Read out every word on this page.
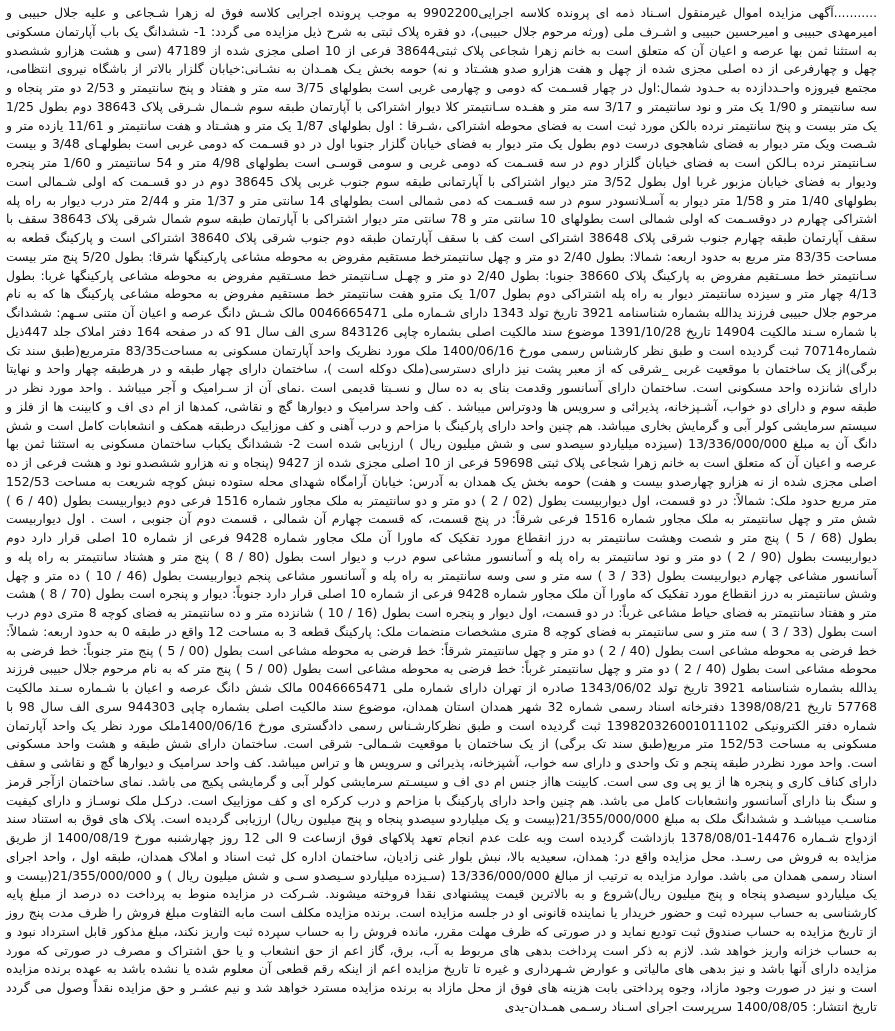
...........آگهی مزایده اموال غیرمنقول اسـناد ذمه ای پرونده کلاسه اجرایی9902200 به موجب پرونده اجرایی کلاسه فوق له زهرا شـجاعی و علیه جلال حبیبی و امیرمهدی حبیبی و امیرحسین حبیبی و اشـرف ملی (ورثه مرحوم جلال حبیبی)، دو فقره پلاک ثبتی به شرح ذیل مزایده می گردد: 1- ششدانگ یک باب آپارتمان مسکونی به استثنا ثمن بها عرصه و اعیان آن که متعلق است به خانم زهرا شجاعی پلاک ثبتی38644 فرعی از 10 اصلی مجزی شده از 47189 (سی و هشت هزارو ششصدو چهل و چهارفرعی از ده اصلی مجزی شده از چهل و هفت هزارو صدو هشـتاد و نه) حومه بخش یـک همـدان به نشـانی:خیابان گلزار بالاتر از باشگاه نیروی انتظامی، مجتمع فیروزه واحـددازده به حـدود شمال:اول در چهار قسـمت که دومی و چهارمی غربی است بطولهای 3/75 سه متر و هفتاد و پنج سانتیمتر و 2/53 دو متر پنجاه و سه سانتیمتر و 1/90 یک متر و نود سانتیمتر و 3/17 سه متر و هفـده سـانتیمتر کلا دیوار اشتراکی با آپارتمان طبقه سوم شـمال شـرقی پلاک 38643 دوم بطول 1/25 یک متر بیست و پنج سانتیمتر نرده بالکن مورد ثبت است به فضای محوطه اشتراکی ،شـرقا : اول بطولهای 1/87 یک متر و هشـتاد و هفت سانتیمتر و 11/61 یازده متر و شـصت ویک متر دیوار به فضای شاهجوی درست دوم بطول یک متر دیوار به فضای خیابان گلزار جنوبا اول در دو قسـمت که دومی غربی است بطولهـای 3/48 و بیست سـانتیمتر نرده بـالکن است به فضای خیابان گلزار دوم در سه قسـمت که دومی غربی و سومی قوسـی است بطولهای 4/98 متر و 54 سانتیمتر و 1/60 متر پنجره ودیوار به فضای خیابان مزبور غربا اول بطول 3/52 متر دیوار اشتراکی با آپارتمانی طبقه سوم جنوب غربی پلاک 38645 دوم در دو قسـمت که اولی شـمالی است بطولهای 1/40 متر و 1/58 متر دیوار به آسـلانسودر سوم در سه قسـمت که دمی شمالی است بطولهای 14 سانتی متر و 1/37 متر و 2/44 متر درب دیوار به راه پله اشتراکی چهارم در دوقسـمت که اولی شمالی است بطولهای 10 سانتی متر و 78 سانتی متر دیوار اشتراکی با آپارتمان طبقه سوم شمال شرقی پلاک 38643 سقف با سقف آپارتمان طبقه چهارم جنوب شرقی پلاک 38648 اشتراکی است کف با سقف آپارتمان طبقه دوم جنوب شرقی پلاک 38640 اشتراکی است و پارکینگ قطعه به مساحت 83/35 متر مربع به حدود اربعه: شمالا: بطول 2/40 دو متر و چهل سانتیمترخط مستقیم مفروض به محوطه مشاعی پارکینگها شرقا: بطول 5/20 پنج متر بیست سـانتیمتر خط مسـتقیم مفروض به پارکینگ پلاک 38660 جنوبا: بطول 2/40 دو متر و چهـل سـانتیمتر خط مسـتقیم مفروض به محوطه مشاعی پارکینگها غربا: بطول 4/13 چهار متر و سیزده سانتیمتر دیوار به راه پله اشتراکی دوم بطول 1/07 یک مترو هفت سانتیمتر خط مستقیم مفروض به محوطه مشاعی پارکینگ ها که به نام مرحوم جلال حبیبی فرزند یدالله بشماره شناسنامه 3921 تاریخ تولد 1343 دارای شـماره ملی 0046665471 مالک شـش دانگ عرصه و اعیان آن متنی سـهم: ششدانگ با شماره سـند مالکیت 14904 تاریخ 1391/10/28 موضوع سند مالکیت اصلی بشماره چاپی 843126 سری الف سال 91 که در صفحه 164 دفتر املاک جلد 447ذیل شماره70714 ثبت گردیده است و طبق نظر کارشناس رسمی مورخ 1400/06/16 ملک مورد نظریک واحد آپارتمان مسکونی به مساحت83/35 مترمربع(طبق سند تک برگی)از یک ساختمان با موقعیت غربی _شرقی که از معبر پشت نیز دارای دسترسی(ملک دوکله است )، ساختمان دارای چهار طبقه و در هرطبقه چهار واحد و نهایتا دارای شانزده واحد مسکونی است. ساختمان دارای آسانسور وقدمت بنای به ده سال و نسـبتا قدیمی است .نمای آن از سـرامیک و آجر میباشد . واحد مورد نظر در طبقه سوم و دارای دو خواب، آشـپزخانه، پذیرائی و سرویس ها ودوتراس میباشد . کف واحد سرامیک و دیوارها گچ و نقاشی، کمدها از ام دی اف و کابینت ها از فلز و سیستم سرمایشی کولر آبی و گرمایش بخاری میباشد. هم چنین واحد دارای پارکینگ با مزاحم و درب آهنی و کف موزاییک درطبقه همکف و انشعابات کامل است و شش دانگ آن به مبلغ 13/336/000/000 (سیزده میلیاردو سیصدو سی و شش میلیون ریال ) ارزیابی شده است 2- ششدانگ یکباب ساختمان مسکونی به استثنا ثمن بها عرصه و اعیان آن که متعلق است به خانم زهرا شجاعی پلاک ثبتی 59698 فرعی از 10 اصلی مجزی شده از 9427 (پنجاه و نه هزارو ششصدو نود و هشت فرعی از ده اصلی مجزی شده از نه هزارو چهارصدو بیست و هفت) حومه بخش یک همدان به آدرس: خیابان آرامگاه شهدای محله ستوده نبش کوچه شریعت به مساحت 152/53 متر مربع حدود ملک: شمالاً: در دو قسمت، اول دیواربیست بطول (02 / 2 ) دو متر و دو سانتیمتر به ملک مجاور شماره 1516 فرعی دوم دیواربیست بطول (40 / 6 ) شش متر و چهل سانتیمتر به ملک مجاور شماره 1516 فرعی شرقاً: در پنج قسمت، که قسمت چهارم آن شمالی ، قسمت دوم آن جنوبی ، است . اول دیواربیست بطول (68 / 5 ) پنج متر و شصت وهشت سانتیمتر به درز انقطاع مورد تفکیک که ماورا آن ملک مجاور شماره 9428 فرعی از شماره 10 اصلی قرار دارد دوم دیواربیست بطول (90 / 2 ) دو متر و نود سانتیمتر به راه پله و آسانسور مشاعی سوم درب و دیوار است بطول (80 / 8 ) پنج متر و هشتاد سانتیمتر به راه پله و آسانسور مشاعی چهارم دیواربیست بطول (33 / 3 ) سه متر و سی وسه سانتیمتر به راه پله و آسانسور مشاعی پنجم دیواربیست بطول (46 / 10 ) ده متر و چهل وشش سانتیمتر به درز انقطاع مورد تفکیک که ماورا آن ملک مجاور شماره 9428 فرعی از شماره 10 اصلی قرار دارد جنوباً: دیوار و پنجره است بطول (70 / 8 ) هشت متر و هفتاد سانتیمتر به فضای حیاط مشاعی غرباً: در دو قسمت، اول دیوار و پنجره است بطول (16 / 10 ) شانزده متر و ده سانتیمتر به فضای کوچه 8 متری دوم درب است بطول (33 / 3 ) سه متر و سی سانتیمتر به فضای کوچه 8 متری مشخصات منضمات ملک: پارکینگ قطعه 3 به مساحت 12 واقع در طبقه 0 به حدود اربعه: شمالاً: خط فرضی به محوطه مشاعی است بطول (40 / 2 ) دو متر و چهل سانتیمتر شرقاً: خط فرضی به محوطه مشاعی است بطول (00 / 5 ) پنج متر جنوباً: خط فرضی به محوطه مشاعی است بطول (40 / 2 ) دو متر و چهل سانتیمتر غرباً: خط فرضی به محوطه مشاعی است بطول (00 / 5 ) پنج متر که به نام مرحوم جلال حبیبی فرزند یدالله بشماره شناسنامه 3921 تاریخ تولد 1343/06/02 صادره از تهران دارای شماره ملی 0046665471 مالک شش دانگ عرصه و اعیان با شـماره سـند مالکیت 57768 تاریخ 1398/08/21 دفترخانه اسناد رسمی شماره 32 شهر همدان استان همدان، موضوع سند مالکیت اصلی بشماره چاپی 944303 سری الف سال 98 با شماره دفتر الکترونیکی 139820326001011102 ثبت گردیده است و طبق نظرکارشـناس رسمی دادگستری مورخ 1400/06/16ملک مورد نظر یک واحد آپارتمان مسکونی به مساحت 152/53 متر مربع(طبق سند تک برگی) از یک ساختمان با موقعیت شـمالی- شرقی است. ساختمان دارای شش طبقه و هشت واحد مسکونی است. واحد مورد نظردر طبقه پنجم و تک واحدی و دارای سه خواب، آشپزخانه، پذیرائی و سرویس ها و تراس میباشد. کف واحد سرامیک و دیوارها گچ و نقاشی و سقف دارای کناف کاری و پنجره ها از یو پی وی سی است. کابینت هااز جنس ام دی اف و سیسـتم سرمایشی کولر آبی و گرمایشی پکیج می باشد. نمای ساختمان ازآجر قرمز و سنگ بنا دارای آسانسور وانشعابات کامل می باشد. هم چنین واحد دارای پارکینگ با مزاحم و درب کرکره ای و کف موزاییک است. درکـل ملک نوسـاز و دارای کیفیت مناسـب میباشـد و ششدانگ ملک به مبلغ 21/355/000/000(بیست و یک میلیاردو سیصدو پنجاه و پنج میلیون ریال) ارزیابی گردیده است. پلاک های فوق به استناد سند ازدواج شـماره 14476-1378/08/01 بازداشت گردیده است وبه علت عدم انجام تعهد پلاکهای فوق ازساعت 9 الی 12 روز چهارشنبه مورخ 1400/08/19 از طریق مزایده به فروش می رسـد. محل مزایده واقع در: همدان، سعیدیه بالا، نبش بلوار غنی زادیان، ساختمان اداره کل ثبت اسناد و املاک همدان، طبقه اول ، واحد اجرای اسناد رسمی همدان می باشد. موارد مزایده به ترتیب از مبالغ 13/336/000/000 (سـیزده میلیاردو سـیصدو سـی و شش میلیون ریال ) و 21/355/000/000(بیست و یک میلیاردو سیصدو پنجاه و پنج میلیون ریال)شروع و به بالاترین قیمت پیشنهادی نقدا فروخته میشوند. شـرکت در مزایده منوط به پرداخت ده درصد از مبلغ پایه کارشناسی به حساب سپرده ثبت و حضور خریدار یا نماینده قانونی او در جلسه مزایده است. برنده مزایده مکلف است مابه التفاوت مبلغ فروش را ظرف مدت پنج روز از تاریخ مزایده به حساب صندوق ثبت تودیع نماید و در صورتی که ظرف مهلت مقرر، مانده فروش را به حساب سپرده ثبت واریز نکند، مبلغ مذکور قابل استرداد نبود و به حساب خزانه واریز خواهد شد. لازم به ذکر است پرداخت بدهی های مربوط به آب، برق، گاز اعم از حق انشعاب و یا حق اشتراک و مصرف در صورتی که مورد مزایده دارای آنها باشد و نیز بدهی های مالیاتی و عوارض شـهرداری و غیره تا تاریخ مزایده اعم از اینکه رقم قطعی آن معلوم شده یا نشده باشد به عهده برنده مزایده است و نیز در صورت وجود مازاد، وجوه پرداختی بابت هزینه های فوق از محل مازاد به برنده مزایده مسترد خواهد شد و نیم عشـر و حق مزایده نقداً وصول می گردد تاریخ انتشار: 1400/08/05 سرپرست اجرای اسـناد رسـمی همـدان-یدی
